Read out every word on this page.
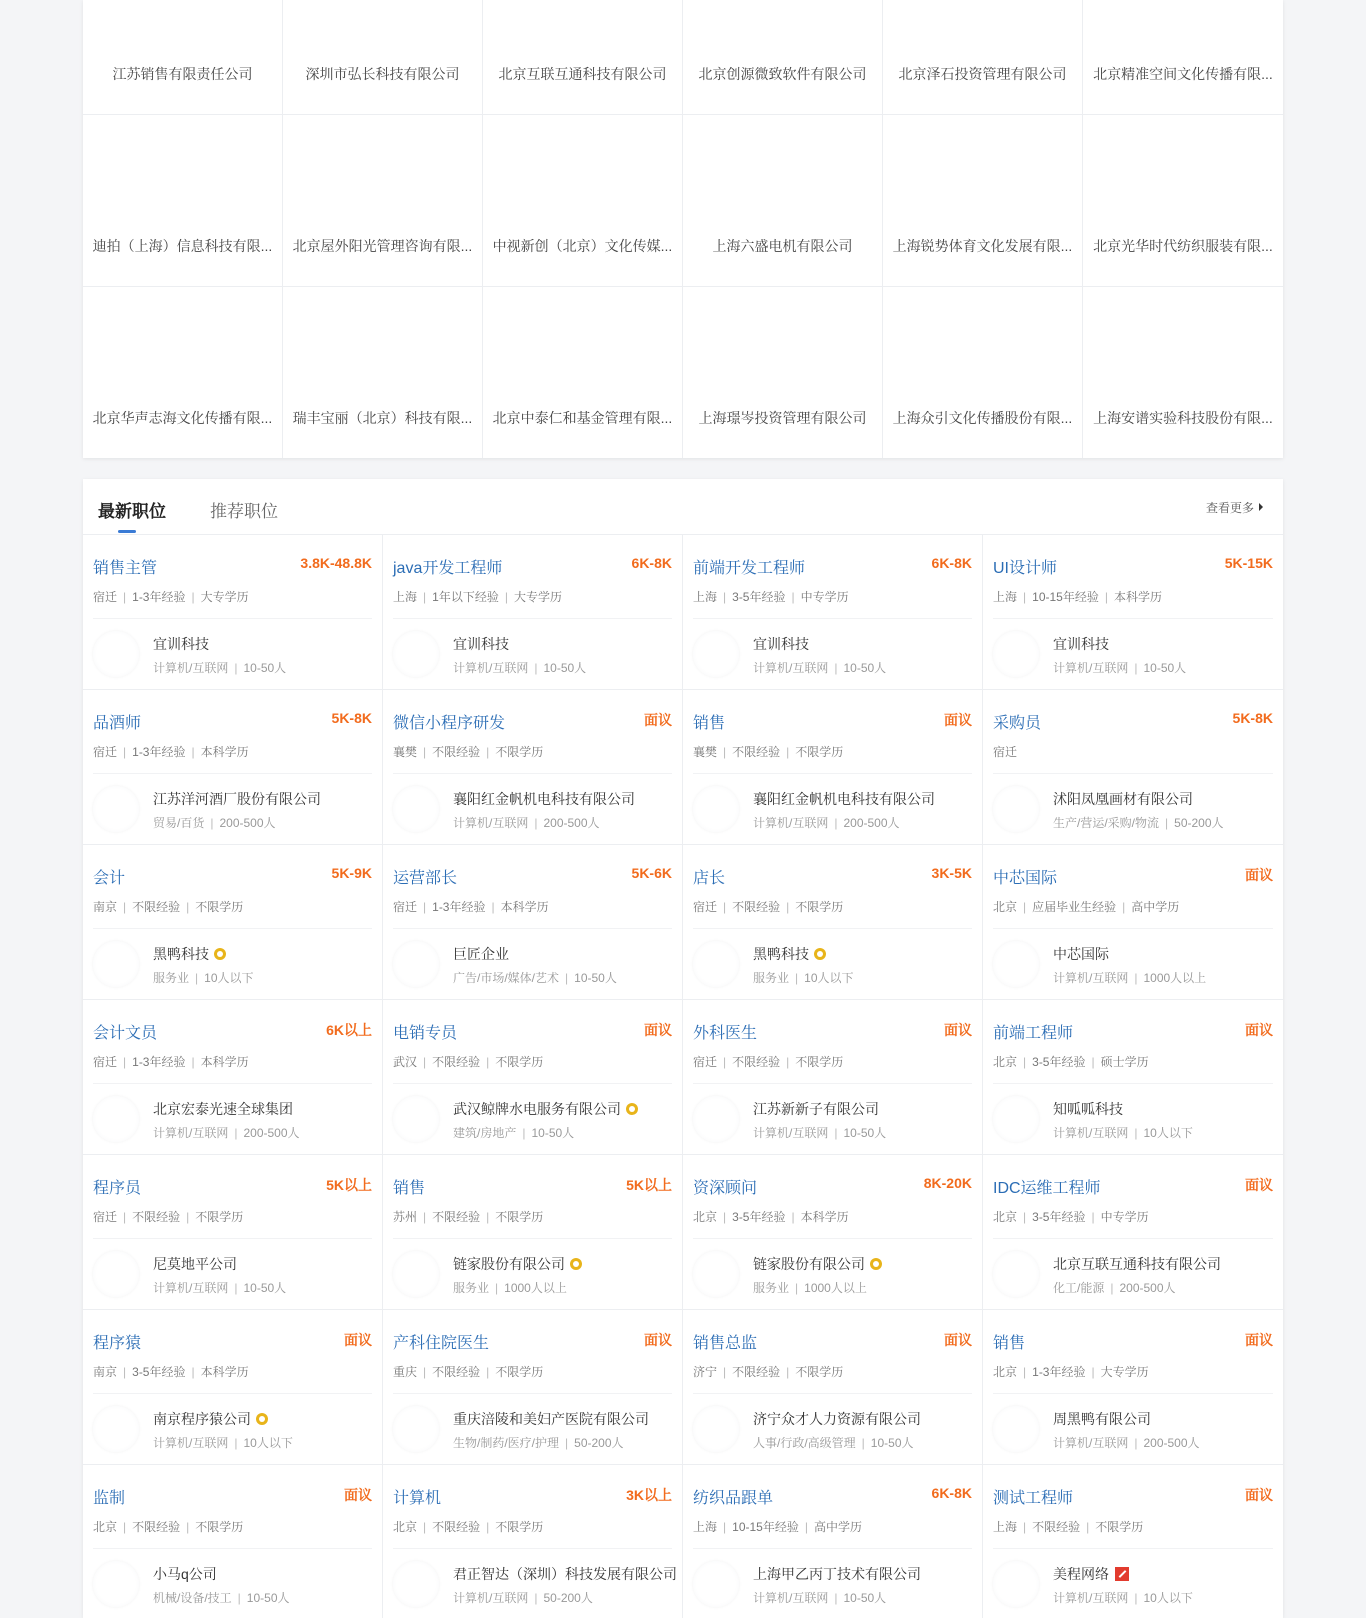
江苏销售有限责任公司	深圳市弘长科技有限公司	北京互联互通科技有限公司 北京创源微致软件有限公司 北京泽石投资管理有限公司 北京精准空间文化传播有限...
迪拍（上海）信息科技有限... 北京屋外阳光管理咨询有限... 中视新创（北京）文化传媒...	上海六盛电机有限公司	上海锐势体育文化发展有限... 北京光华时代纺织服装有限...
北京华声志海文化传播有限... 瑞丰宝丽（北京）科技有限... 北京中泰仁和基金管理有限... 上海璟岑投资管理有限公司 上海众引文化传播股份有限... 上海安谱实验科技股份有限...
最新职位	推荐职位	查看更多
销售主管	3.8K-48.8K
宿迁 | 1-3年经验 | 大专学历
宜训科技
计算机/互联网 | 10-50人
java开发工程师	6K-8K
上海 | 1年以下经验 | 大专学历
宜训科技
计算机/互联网 | 10-50人
前端开发工程师	6K-8K
上海 | 3-5年经验 | 中专学历
宜训科技
计算机/互联网 | 10-50人
UI设计师	5K-15K
上海 | 10-15年经验 | 本科学历
宜训科技
计算机/互联网 | 10-50人
品酒师	5K-8K
宿迁 | 1-3年经验 | 本科学历
江苏洋河酒厂股份有限公司
贸易/百货 | 200-500人
微信小程序研发	面议
襄樊 | 不限经验 | 不限学历
襄阳红金帆机电科技有限公司
计算机/互联网 | 200-500人
销售	面议
襄樊 | 不限经验 | 不限学历
襄阳红金帆机电科技有限公司
计算机/互联网 | 200-500人
采购员	5K-8K
宿迁
沭阳凤凰画材有限公司
生产/营运/采购/物流 | 50-200人
会计	5K-9K
南京 | 不限经验 | 不限学历
黑鸭科技
服务业 | 10人以下
运营部长	5K-6K
宿迁 | 1-3年经验 | 本科学历
巨匠企业
广告/市场/媒体/艺术 | 10-50人
店长	3K-5K
宿迁 | 不限经验 | 不限学历
黑鸭科技
服务业 | 10人以下
中芯国际	面议
北京 | 应届毕业生经验 | 高中学历
中芯国际
计算机/互联网 | 1000人以上
会计文员	6K以上
宿迁 | 1-3年经验 | 本科学历
北京宏泰光速全球集团
计算机/互联网 | 200-500人
电销专员	面议
武汉 | 不限经验 | 不限学历
武汉鲸牌水电服务有限公司
建筑/房地产 | 10-50人
外科医生	面议
宿迁 | 不限经验 | 不限学历
江苏新新子有限公司
计算机/互联网 | 10-50人
前端工程师	面议
北京 | 3-5年经验 | 硕士学历
知呱呱科技
计算机/互联网 | 10人以下
程序员	5K以上
宿迁 | 不限经验 | 不限学历
尼莫地平公司
计算机/互联网 | 10-50人
销售	5K以上
苏州 | 不限经验 | 不限学历
链家股份有限公司
服务业 | 1000人以上
资深顾问	8K-20K
北京 | 3-5年经验 | 本科学历
链家股份有限公司
服务业 | 1000人以上
IDC运维工程师	面议
北京 | 3-5年经验 | 中专学历
北京互联互通科技有限公司
化工/能源 | 200-500人
程序猿	面议
南京 | 3-5年经验 | 本科学历
南京程序猿公司
计算机/互联网 | 10人以下
产科住院医生	面议
重庆 | 不限经验 | 不限学历
重庆涪陵和美妇产医院有限公司
生物/制药/医疗/护理 | 50-200人
销售总监	面议
济宁 | 不限经验 | 不限学历
济宁众才人力资源有限公司
人事/行政/高级管理 | 10-50人
销售	面议
北京 | 1-3年经验 | 大专学历
周黑鸭有限公司
计算机/互联网 | 200-500人
监制	面议
北京 | 不限经验 | 不限学历
小马q公司
机械/设备/技工 | 10-50人
计算机	3K以上
北京 | 不限经验 | 不限学历
君正智达（深圳）科技发展有限公司
计算机/互联网 | 50-200人
纺织品跟单	6K-8K
上海 | 10-15年经验 | 高中学历
上海甲乙丙丁技术有限公司
计算机/互联网 | 10-50人
测试工程师	面议
上海 | 不限经验 | 不限学历
美程网络
计算机/互联网 | 10人以下
